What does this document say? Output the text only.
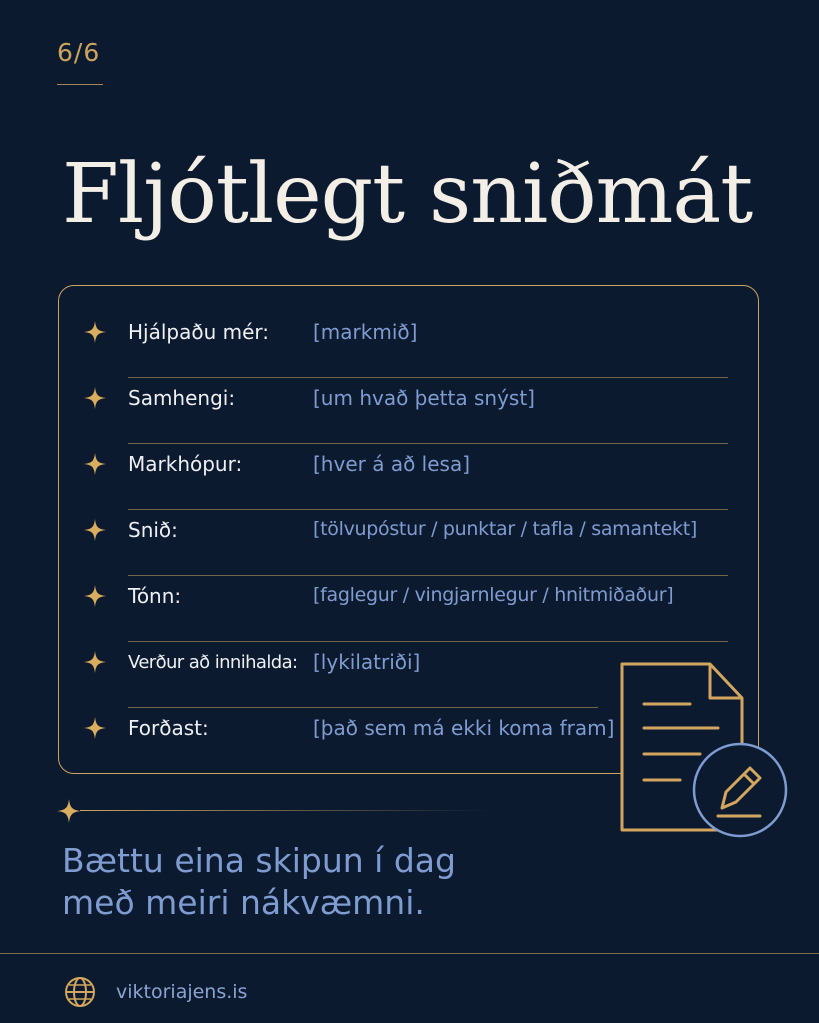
6/6
Fljótlegt sniðmát
Hjálpaðu mér: [markmið]
Samhengi:	[um hvað þetta snýst]
Markhópur:	[hver á að lesa]
Snið:	[tölvupóstur / punktar / tafla / samantekt]
Tónn:	[faglegur / vingjarnlegur / hnitmiðaður]
Verður að innihalda: [lykilatriði]
Forðast:	[það sem má ekki koma fram]
Bættu eina skipun í dag
með meiri nákvæmni.
viktoriajens.is
